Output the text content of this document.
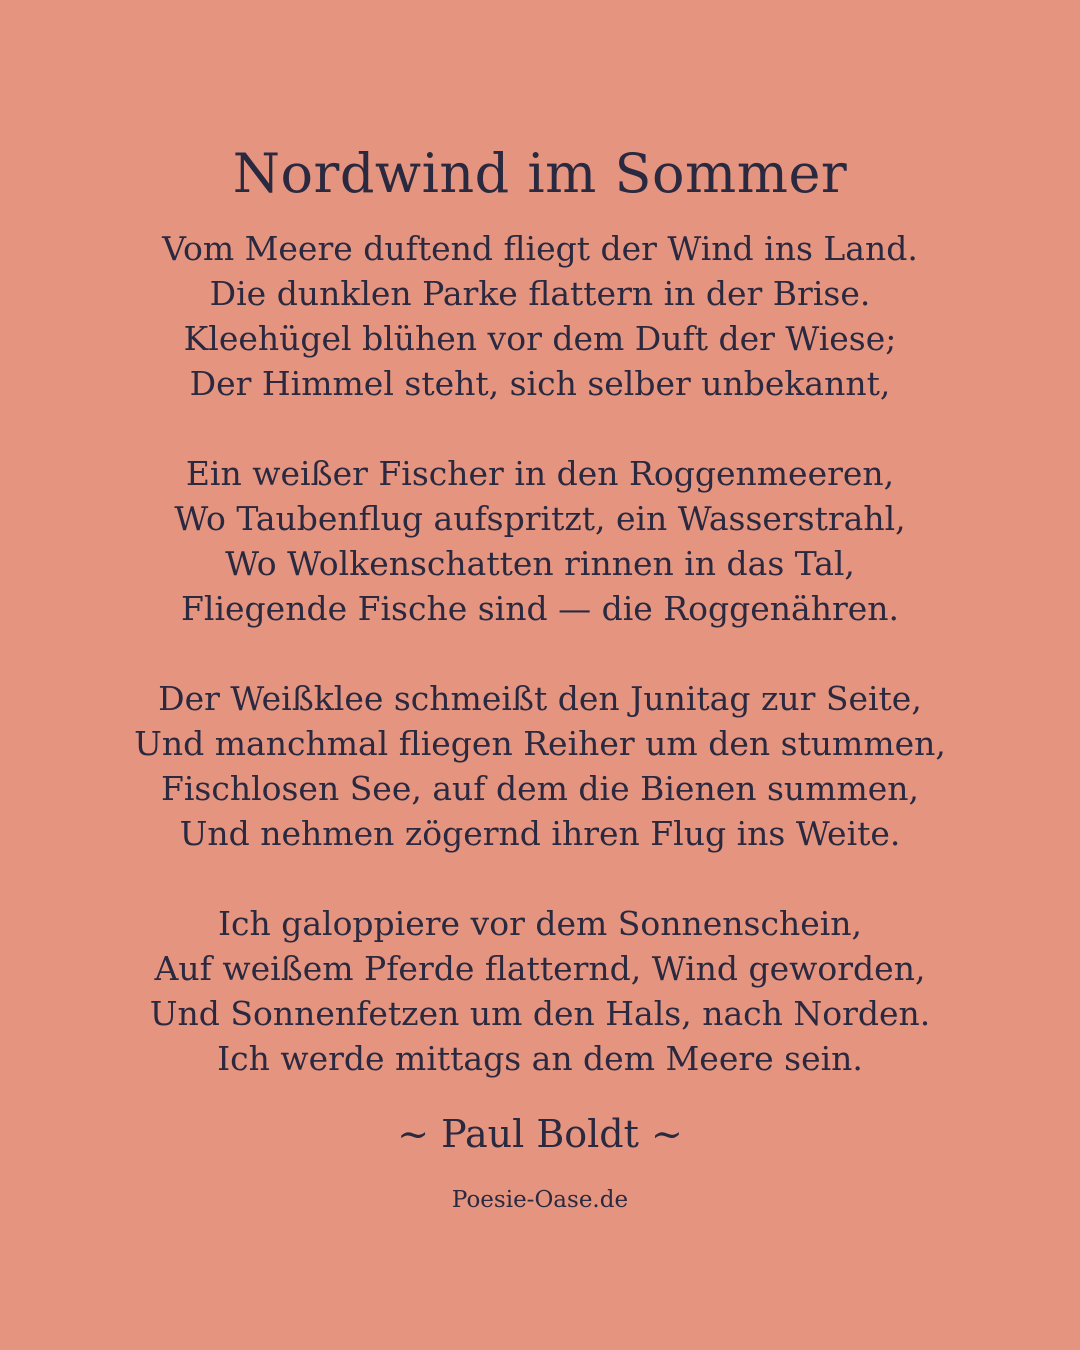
Nordwind im Sommer
Vom Meere duftend fliegt der Wind ins Land.
Die dunklen Parke flattern in der Brise.
Kleehügel blühen vor dem Duft der Wiese;
Der Himmel steht, sich selber unbekannt,
Ein weißer Fischer in den Roggenmeeren,
Wo Taubenflug aufspritzt, ein Wasserstrahl,
Wo Wolkenschatten rinnen in das Tal,
Fliegende Fische sind — die Roggenähren.
Der Weißklee schmeißt den Junitag zur Seite,
Und manchmal fliegen Reiher um den stummen,
Fischlosen See, auf dem die Bienen summen,
Und nehmen zögernd ihren Flug ins Weite.
Ich galoppiere vor dem Sonnenschein,
Auf weißem Pferde flatternd, Wind geworden,
Und Sonnenfetzen um den Hals, nach Norden.
Ich werde mittags an dem Meere sein.
~ Paul Boldt ~
Poesie-Oase.de
